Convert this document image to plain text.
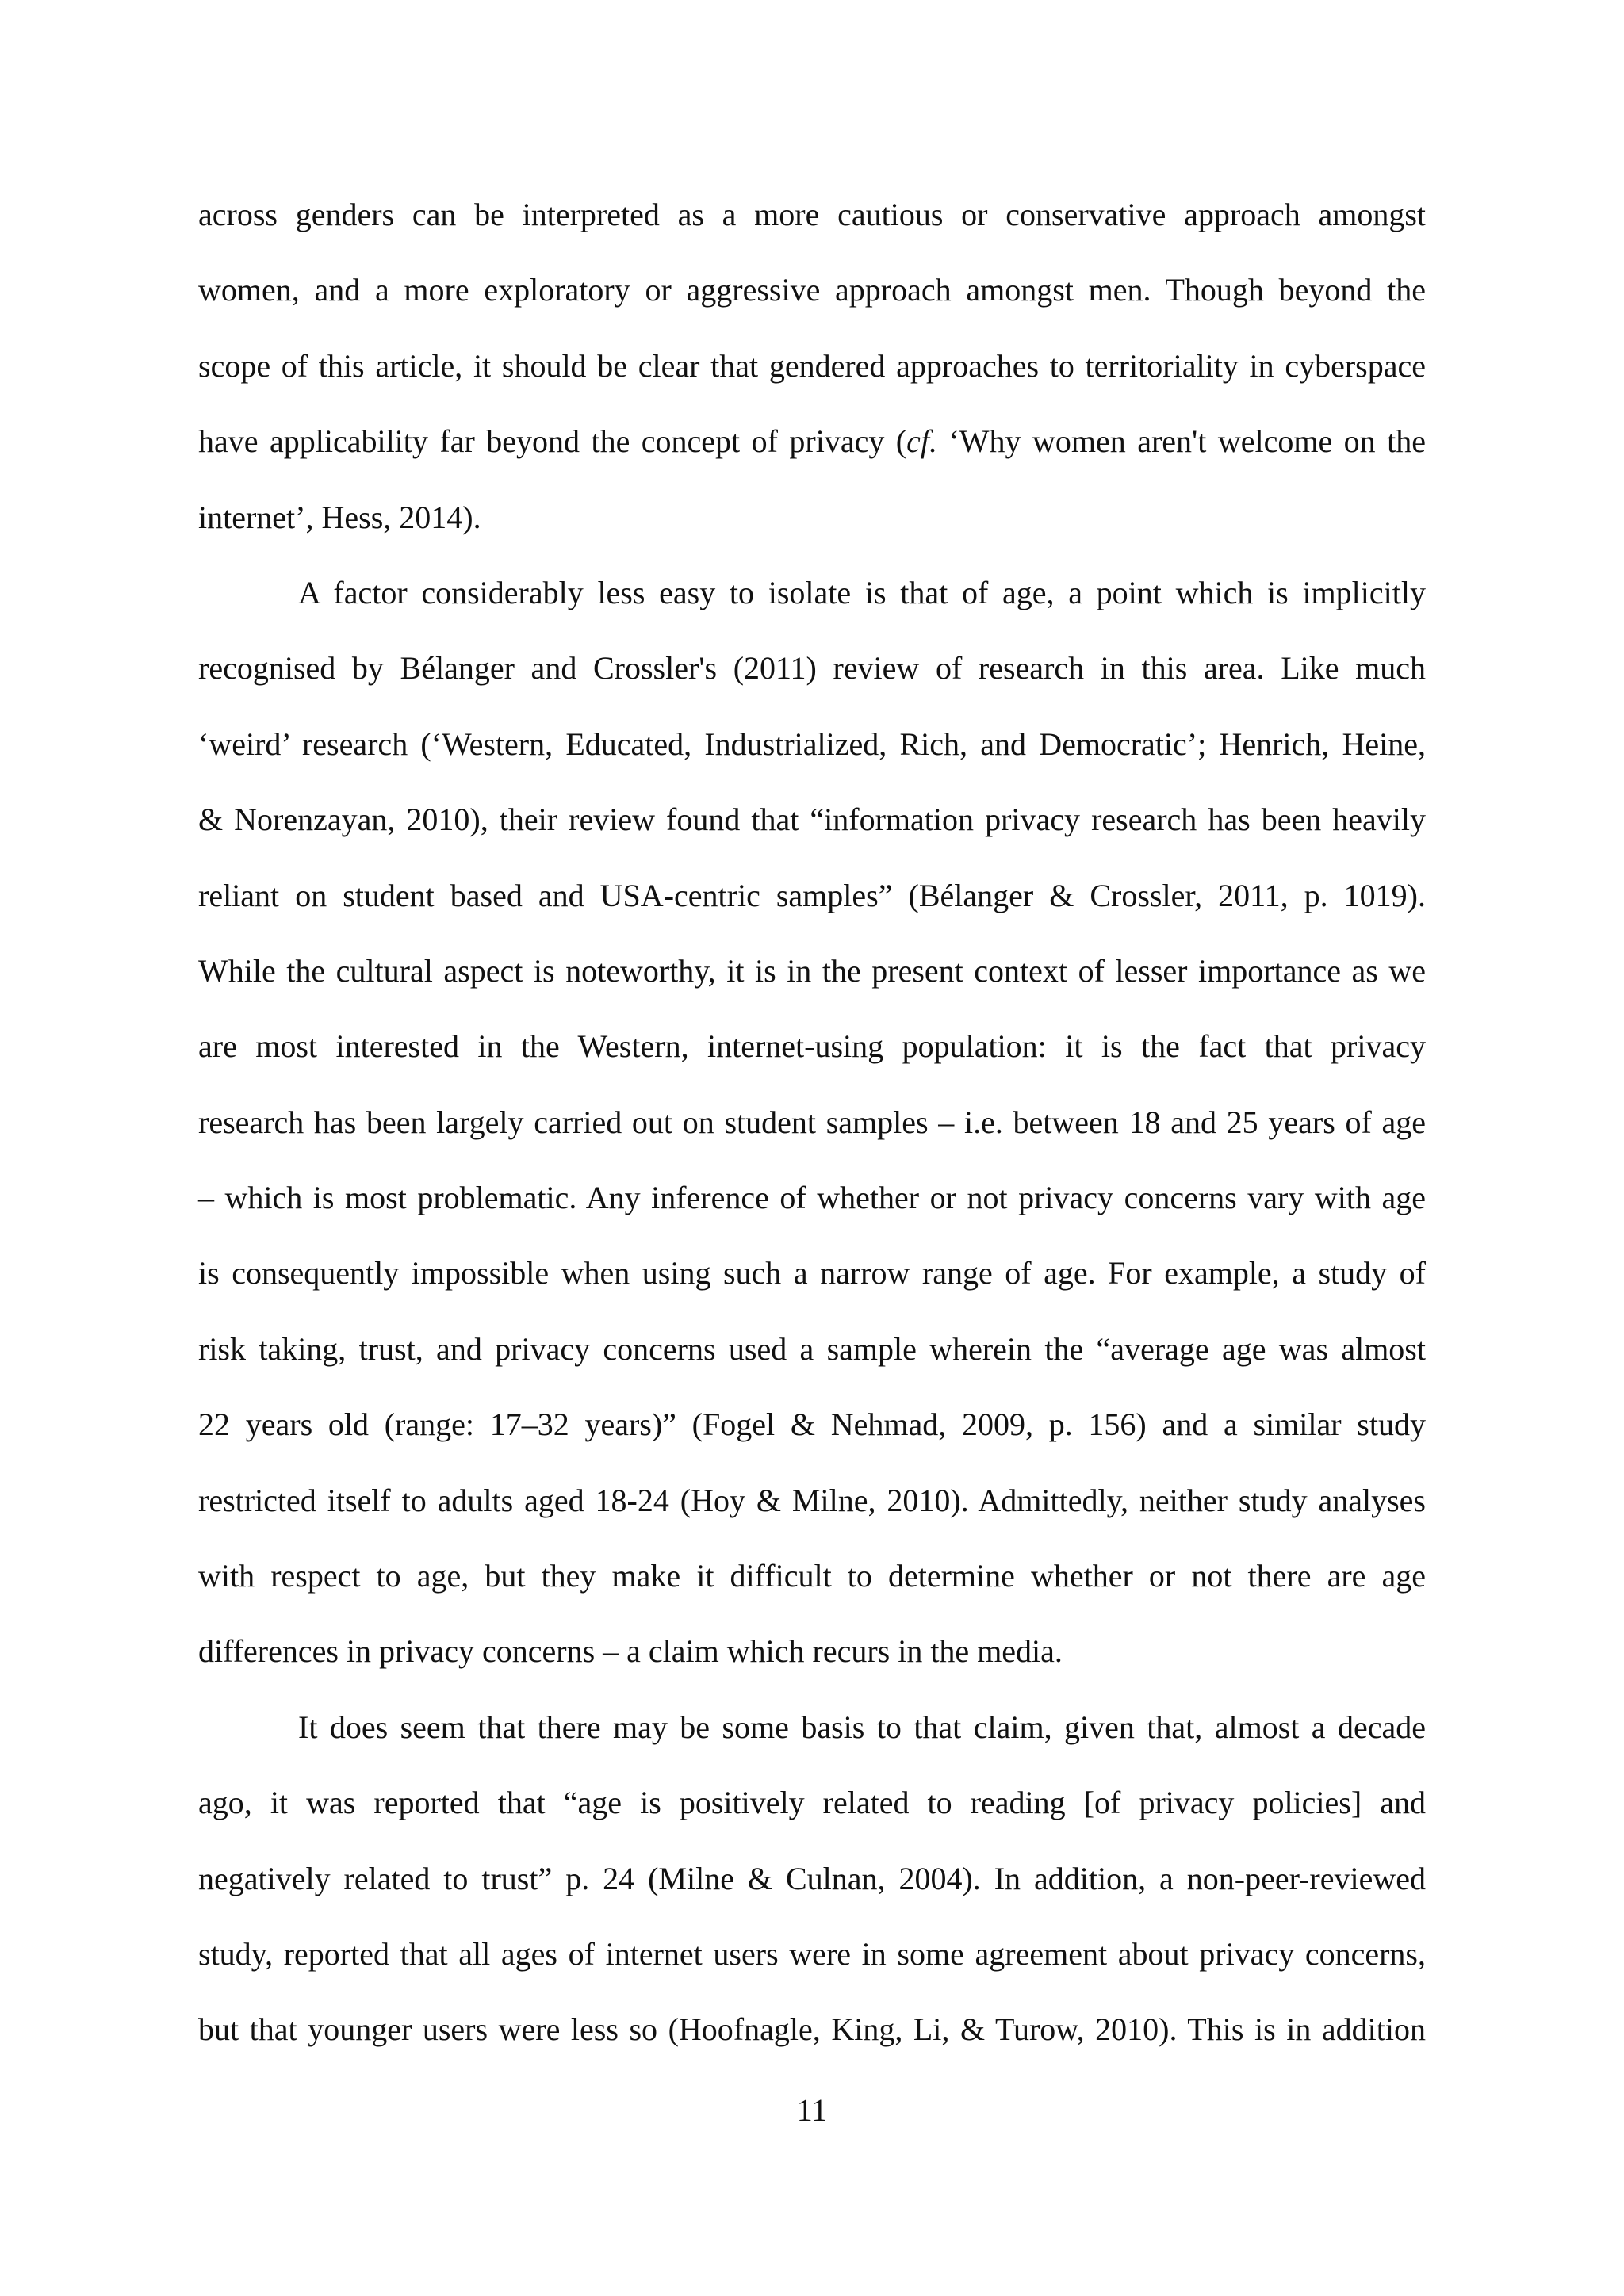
across genders can be interpreted as a more cautious or conservative approach amongst
women, and a more exploratory or aggressive approach amongst men. Though beyond the
scope of this article, it should be clear that gendered approaches to territoriality in cyberspace
have applicability far beyond the concept of privacy (cf. ‘Why women aren't welcome on the
internet’, Hess, 2014).
A factor considerably less easy to isolate is that of age, a point which is implicitly
recognised by Bélanger and Crossler's (2011) review of research in this area. Like much
‘weird’ research (‘Western, Educated, Industrialized, Rich, and Democratic’; Henrich, Heine,
& Norenzayan, 2010), their review found that “information privacy research has been heavily
reliant on student based and USA-centric samples” (Bélanger & Crossler, 2011, p. 1019).
While the cultural aspect is noteworthy, it is in the present context of lesser importance as we
are most interested in the Western, internet-using population: it is the fact that privacy
research has been largely carried out on student samples – i.e. between 18 and 25 years of age
– which is most problematic. Any inference of whether or not privacy concerns vary with age
is consequently impossible when using such a narrow range of age. For example, a study of
risk taking, trust, and privacy concerns used a sample wherein the “average age was almost
22 years old (range: 17–32 years)” (Fogel & Nehmad, 2009, p. 156) and a similar study
restricted itself to adults aged 18-24 (Hoy & Milne, 2010). Admittedly, neither study analyses
with respect to age, but they make it difficult to determine whether or not there are age
differences in privacy concerns – a claim which recurs in the media.
It does seem that there may be some basis to that claim, given that, almost a decade
ago, it was reported that “age is positively related to reading [of privacy policies] and
negatively related to trust” p. 24 (Milne & Culnan, 2004). In addition, a non-peer-reviewed
study, reported that all ages of internet users were in some agreement about privacy concerns,
but that younger users were less so (Hoofnagle, King, Li, & Turow, 2010). This is in addition
11
